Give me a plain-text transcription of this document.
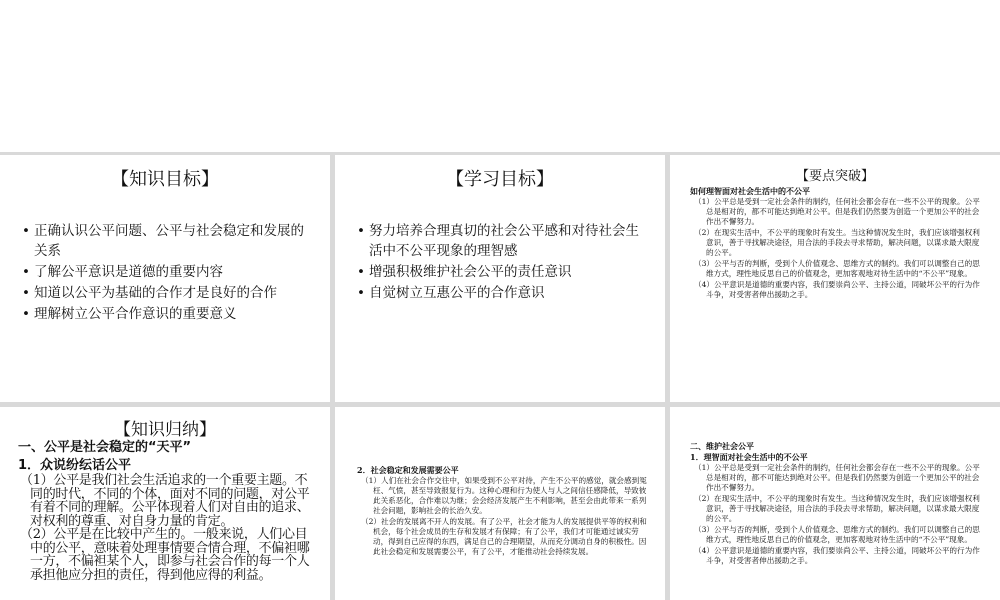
【知识目标】
• 正确认识公平问题、公平与社会稳定和发展的关系
• 了解公平意识是道德的重要内容
• 知道以公平为基础的合作才是良好的合作
• 理解树立公平合作意识的重要意义
【学习目标】
• 努力培养合理真切的社会公平感和对待社会生活中不公平现象的理智感
• 增强积极维护社会公平的责任意识
• 自觉树立互惠公平的合作意识
【要点突破】
如何理智面对社会生活中的不公平
（1）公平总是受到一定社会条件的制约，任何社会都会存在一些不公平的现象。公平总是相对的，都不可能达到绝对公平。但是我们仍然要为创造一个更加公平的社会作出不懈努力。
（2）在现实生活中，不公平的现象时有发生。当这种情况发生时，我们应该增强权利意识，善于寻找解决途径，用合法的手段去寻求帮助，解决问题，以谋求最大限度的公平。
（3）公平与否的判断，受到个人价值观念、思维方式的制约。我们可以调整自己的思维方式，理性地反思自己的价值观念，更加客观地对待生活中的“不公平”现象。
（4）公平意识是道德的重要内容，我们要崇尚公平、主持公道，同破坏公平的行为作斗争，对受害者伸出援助之手。
【知识归纳】
一、公平是社会稳定的“天平”
1．众说纷纭话公平
（1）公平是我们社会生活追求的一个重要主题。不同的时代，不同的个体，面对不同的问题，对公平有着不同的理解。公平体现着人们对自由的追求、对权利的尊重、对自身力量的肯定。
（2）公平是在比较中产生的。一般来说，人们心目中的公平，意味着处理事情要合情合理，不偏袒哪一方，不偏袒某个人，即参与社会合作的每一个人承担他应分担的责任，得到他应得的利益。
2．社会稳定和发展需要公平
（1）人们在社会合作交往中，如果受到不公平对待，产生不公平的感觉，就会感到冤枉、气愤，甚至导致报复行为。这种心理和行为使人与人之间信任感降低，导致彼此关系恶化，合作难以为继；会会经济发展产生不利影响，甚至会由此带来一系列社会问题，影响社会的长治久安。
（2）社会的发展离不开人的发展。有了公平，社会才能为人的发展提供平等的权利和机会，每个社会成员的生存和发展才有保障；有了公平，我们才可能通过诚实劳动，得到自己应得的东西，满足自己的合理期望，从而充分调动自身的积极性。因此社会稳定和发展需要公平，有了公平，才能推动社会持续发展。
二、维护社会公平
1．理智面对社会生活中的不公平
（1）公平总是受到一定社会条件的制约，任何社会都会存在一些不公平的现象。公平总是相对的，都不可能达到绝对公平。但是我们仍然要为创造一个更加公平的社会作出不懈努力。
（2）在现实生活中，不公平的现象时有发生。当这种情况发生时，我们应该增强权利意识，善于寻找解决途径，用合法的手段去寻求帮助，解决问题，以谋求最大限度的公平。
（3）公平与否的判断，受到个人价值观念、思维方式的制约。我们可以调整自己的思维方式，理性地反思自己的价值观念，更加客观地对待生活中的“不公平”现象。
（4）公平意识是道德的重要内容，我们要崇尚公平、主持公道，同破坏公平的行为作斗争，对受害者伸出援助之手。
